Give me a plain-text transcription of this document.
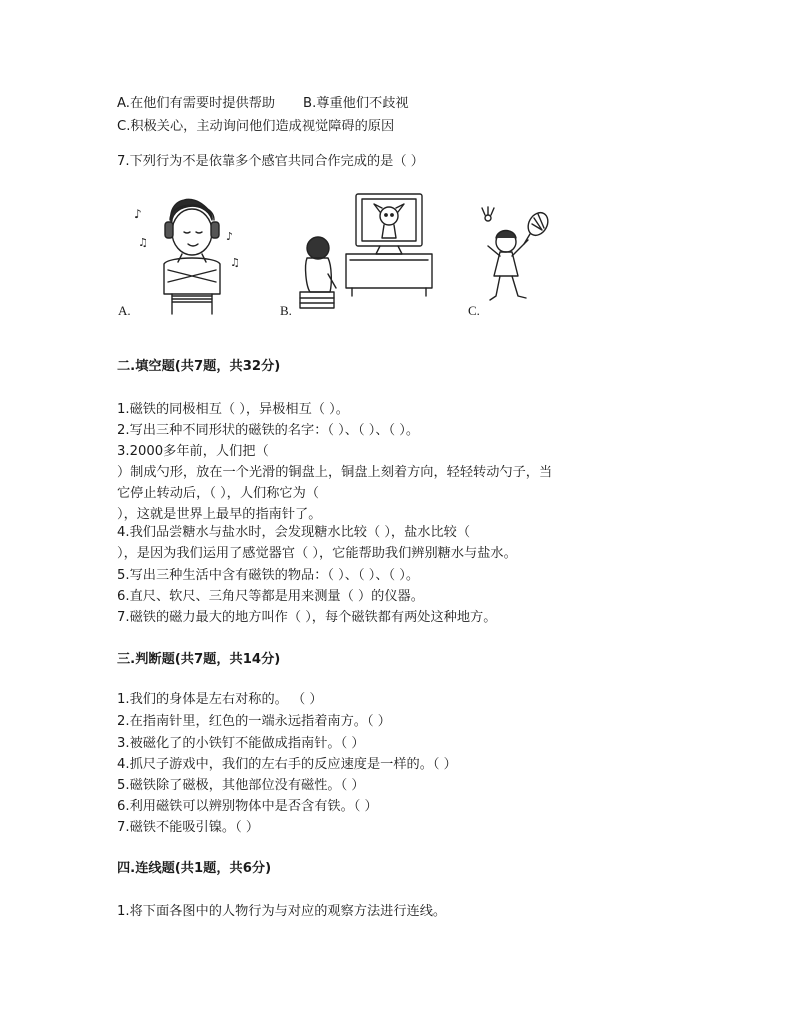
A.在他们有需要时提供帮助 B.尊重他们不歧视
C.积极关心，主动询问他们造成视觉障碍的原因
7.下列行为不是依靠多个感官共同合作完成的是（ ）
♪
♫	♪
♫
A.	B.	C.
二.填空题(共7题，共32分)
1.磁铁的同极相互（ ），异极相互（ ）。
2.写出三种不同形状的磁铁的名字：（ ）、（ ）、（ ）。
3.2000多年前，人们把（
）制成勺形，放在一个光滑的铜盘上，铜盘上刻着方向，轻轻转动勺子，当
它停止转动后，（ ），人们称它为（
），这就是世界上最早的指南针了。
4.我们品尝糖水与盐水时，会发现糖水比较（ ），盐水比较（
），是因为我们运用了感觉器官（ ），它能帮助我们辨别糖水与盐水。
5.写出三种生活中含有磁铁的物品：（ ）、（ ）、（ ）。
6.直尺、软尺、三角尺等都是用来测量（ ）的仪器。
7.磁铁的磁力最大的地方叫作（ ），每个磁铁都有两处这种地方。
三.判断题(共7题，共14分)
1.我们的身体是左右对称的。 （ ）
2.在指南针里，红色的一端永远指着南方。（ ）
3.被磁化了的小铁钉不能做成指南针。（ ）
4.抓尺子游戏中，我们的左右手的反应速度是一样的。（ ）
5.磁铁除了磁极，其他部位没有磁性。（ ）
6.利用磁铁可以辨别物体中是否含有铁。（ ）
7.磁铁不能吸引镍。（ ）
四.连线题(共1题，共6分)
1.将下面各图中的人物行为与对应的观察方法进行连线。
